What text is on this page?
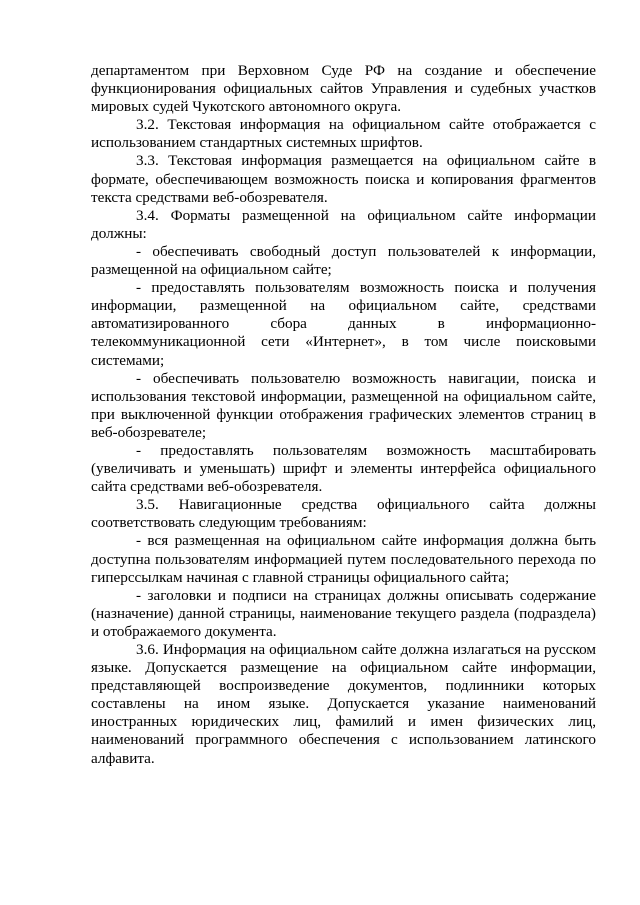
департаментом при Верховном Суде РФ на создание и обеспечение функционирования официальных сайтов Управления и судебных участков мировых судей Чукотского автономного округа.

3.2. Текстовая информация на официальном сайте отображается с использованием стандартных системных шрифтов.

3.3. Текстовая информация размещается на официальном сайте в формате, обеспечивающем возможность поиска и копирования фрагментов текста средствами веб-обозревателя.

3.4. Форматы размещенной на официальном сайте информации должны:

- обеспечивать свободный доступ пользователей к информации, размещенной на официальном сайте;

- предоставлять пользователям возможность поиска и получения информации, размещенной на официальном сайте, средствами автоматизированного сбора данных в информационно-телекоммуникационной сети «Интернет», в том числе поисковыми системами;

- обеспечивать пользователю возможность навигации, поиска и использования текстовой информации, размещенной на официальном сайте, при выключенной функции отображения графических элементов страниц в веб-обозревателе;

- предоставлять пользователям возможность масштабировать (увеличивать и уменьшать) шрифт и элементы интерфейса официального сайта средствами веб-обозревателя.

3.5. Навигационные средства официального сайта должны соответствовать следующим требованиям:

- вся размещенная на официальном сайте информация должна быть доступна пользователям информацией путем последовательного перехода по гиперссылкам начиная с главной страницы официального сайта;

- заголовки и подписи на страницах должны описывать содержание (назначение) данной страницы, наименование текущего раздела (подраздела) и отображаемого документа.

3.6. Информация на официальном сайте должна излагаться на русском языке. Допускается размещение на официальном сайте информации, представляющей воспроизведение документов, подлинники которых составлены на ином языке. Допускается указание наименований иностранных юридических лиц, фамилий и имен физических лиц, наименований программного обеспечения с использованием латинского алфавита.
